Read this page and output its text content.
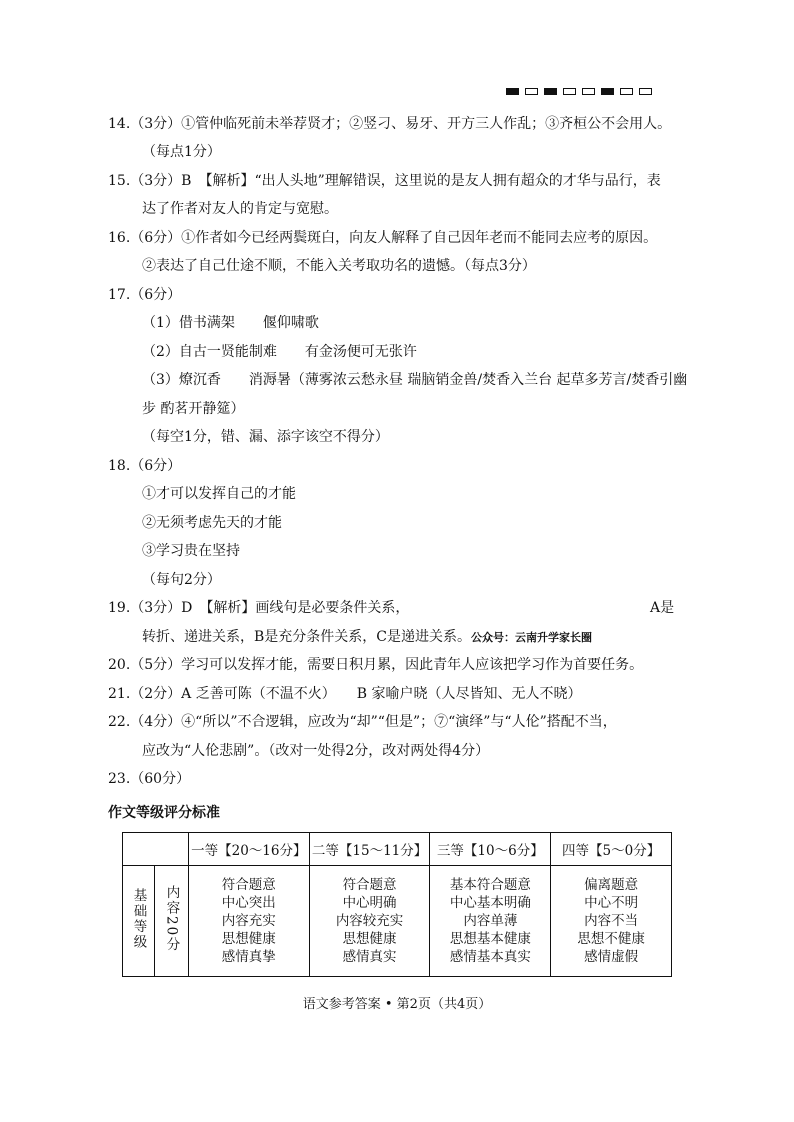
14.（3分）①管仲临死前未举荐贤才；②竖刁、易牙、开方三人作乱；③齐桓公不会用人。
（每点1分）
15.（3分）B　【解析】“出人头地”理解错误，这里说的是友人拥有超众的才华与品行，表
达了作者对友人的肯定与宽慰。
16.（6分）①作者如今已经两鬓斑白，向友人解释了自己因年老而不能同去应考的原因。
②表达了自己仕途不顺，不能入关考取功名的遗憾。（每点3分）
17.（6分）
（1）借书满架　　偃仰啸歌
（2）自古一贤能制难　　有金汤便可无张许
（3）燎沉香　　消溽暑（薄雾浓云愁永昼 瑞脑销金兽/焚香入兰台 起草多芳言/焚香引幽
步 酌茗开静筵）
（每空1分，错、漏、添字该空不得分）
18.（6分）
①才可以发挥自己的才能
②无须考虑先天的才能
③学习贵在坚持
（每句2分）
19.（3分）D　【解析】画线句是必要条件关系，	A是
转折、递进关系，B是充分条件关系，C是递进关系。公众号：云南升学家长圈
20.（5分）学习可以发挥才能，需要日积月累，因此青年人应该把学习作为首要任务。
21.（2分）A 乏善可陈（不温不火）　　B 家喻户晓（人尽皆知、无人不晓）
22.（4分）④“所以”不合逻辑，应改为“却”“但是”；⑦“演绎”与“人伦”搭配不当，
应改为“人伦悲剧”。（改对一处得2分，改对两处得4分）
23.（60分）
作文等级评分标准
		一等【20～16分】	二等【15～11分】	三等【10～6分】	四等【5～0分】
基础等级	内容20分	符合题意
中心突出
内容充实
思想健康
感情真挚	符合题意
中心明确
内容较充实
思想健康
感情真实	基本符合题意
中心基本明确
内容单薄
思想基本健康
感情基本真实	偏离题意
中心不明
内容不当
思想不健康
感情虚假
语文参考答案 • 第2页（共4页）
